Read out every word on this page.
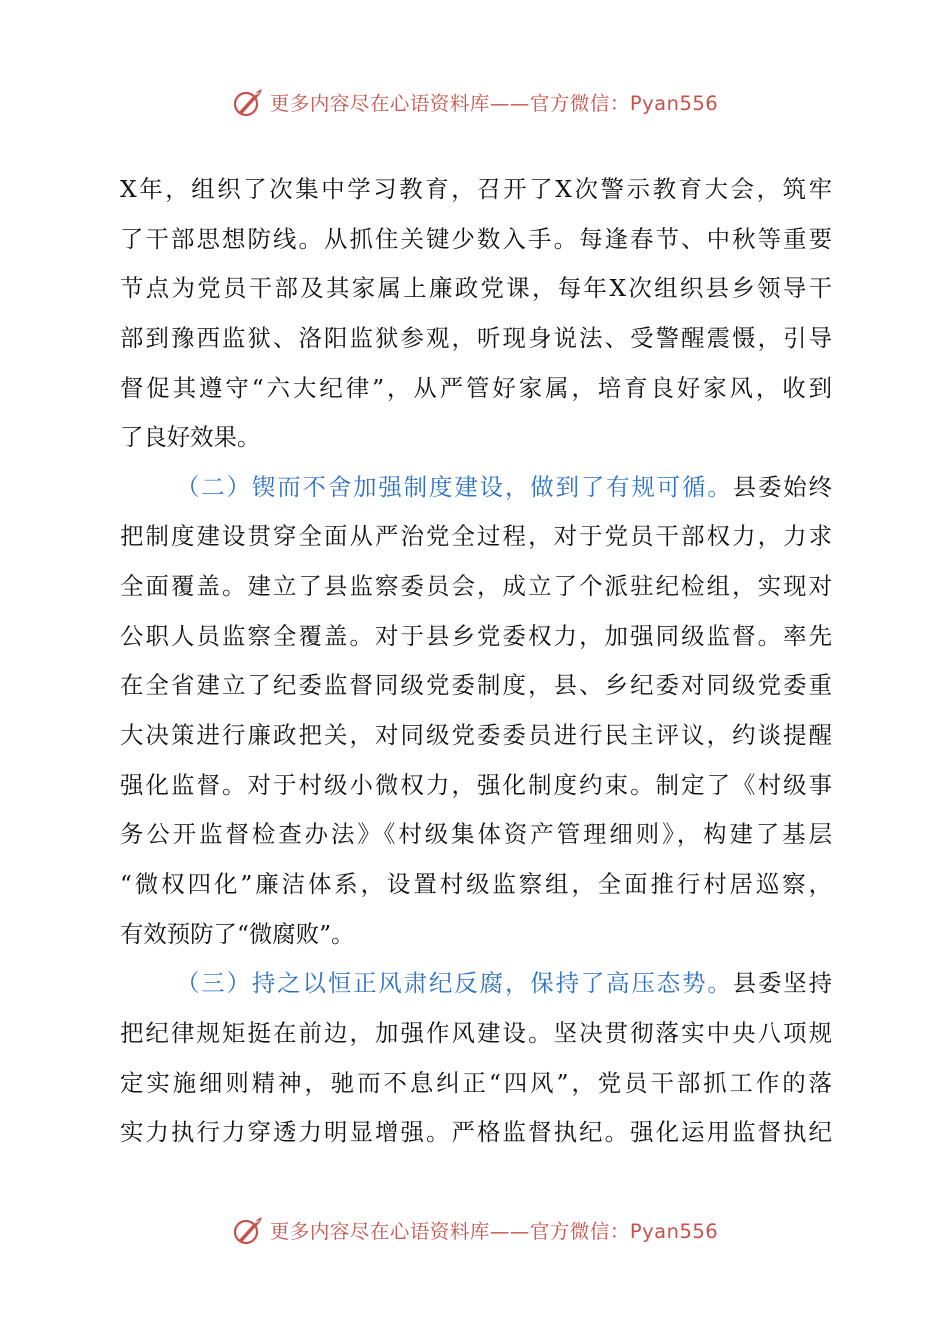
更多内容尽在心语资料库——官方微信：Pyan556
X年，组织了次集中学习教育，召开了X次警示教育大会，筑牢
了干部思想防线。从抓住关键少数入手。每逢春节、中秋等重要
节点为党员干部及其家属上廉政党课，每年X次组织县乡领导干
部到豫西监狱、洛阳监狱参观，听现身说法、受警醒震慑，引导
督促其遵守“六大纪律”，从严管好家属，培育良好家风，收到
了良好效果。
（二）锲而不舍加强制度建设，做到了有规可循。县委始终
把制度建设贯穿全面从严治党全过程，对于党员干部权力，力求
全面覆盖。建立了县监察委员会，成立了个派驻纪检组，实现对
公职人员监察全覆盖。对于县乡党委权力，加强同级监督。率先
在全省建立了纪委监督同级党委制度，县、乡纪委对同级党委重
大决策进行廉政把关，对同级党委委员进行民主评议，约谈提醒
强化监督。对于村级小微权力，强化制度约束。制定了《村级事
务公开监督检查办法》《村级集体资产管理细则》，构建了基层
“微权四化”廉洁体系，设置村级监察组，全面推行村居巡察，
有效预防了“微腐败”。
（三）持之以恒正风肃纪反腐，保持了高压态势。县委坚持
把纪律规矩挺在前边，加强作风建设。坚决贯彻落实中央八项规
定实施细则精神，驰而不息纠正“四风”，党员干部抓工作的落
实力执行力穿透力明显增强。严格监督执纪。强化运用监督执纪
更多内容尽在心语资料库——官方微信：Pyan556
